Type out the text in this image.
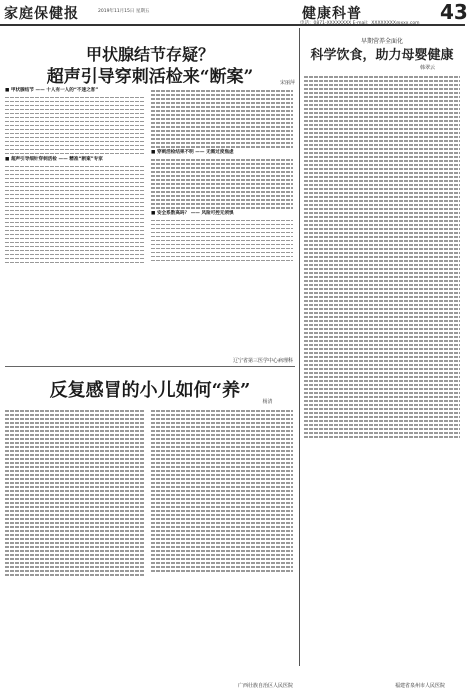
家庭保健报	2019年11月15日 星期五	健康科普	43
电话：0871-XXXXXXXX E-mail：XXXXXXXX@xxx.com
甲状腺结节存疑？
超声引导穿刺活检来“断案”	宋丽萍

■ 甲状腺结节 —— 十人有一人的“不速之客”

■ 超声引导细针穿刺活检 —— 精准“断案”专家

■ 穿刺活检结果不明 —— 无需过度焦虑

■ 安全系数高吗？ —— 风险可控无须惧

辽宁省第三医学中心病理科
反复感冒的小儿如何“养”
杨清
广西壮族自治区人民医院
早期营养全面化
科学饮食，助力母婴健康
韩翠云
福建省泉州市人民医院
